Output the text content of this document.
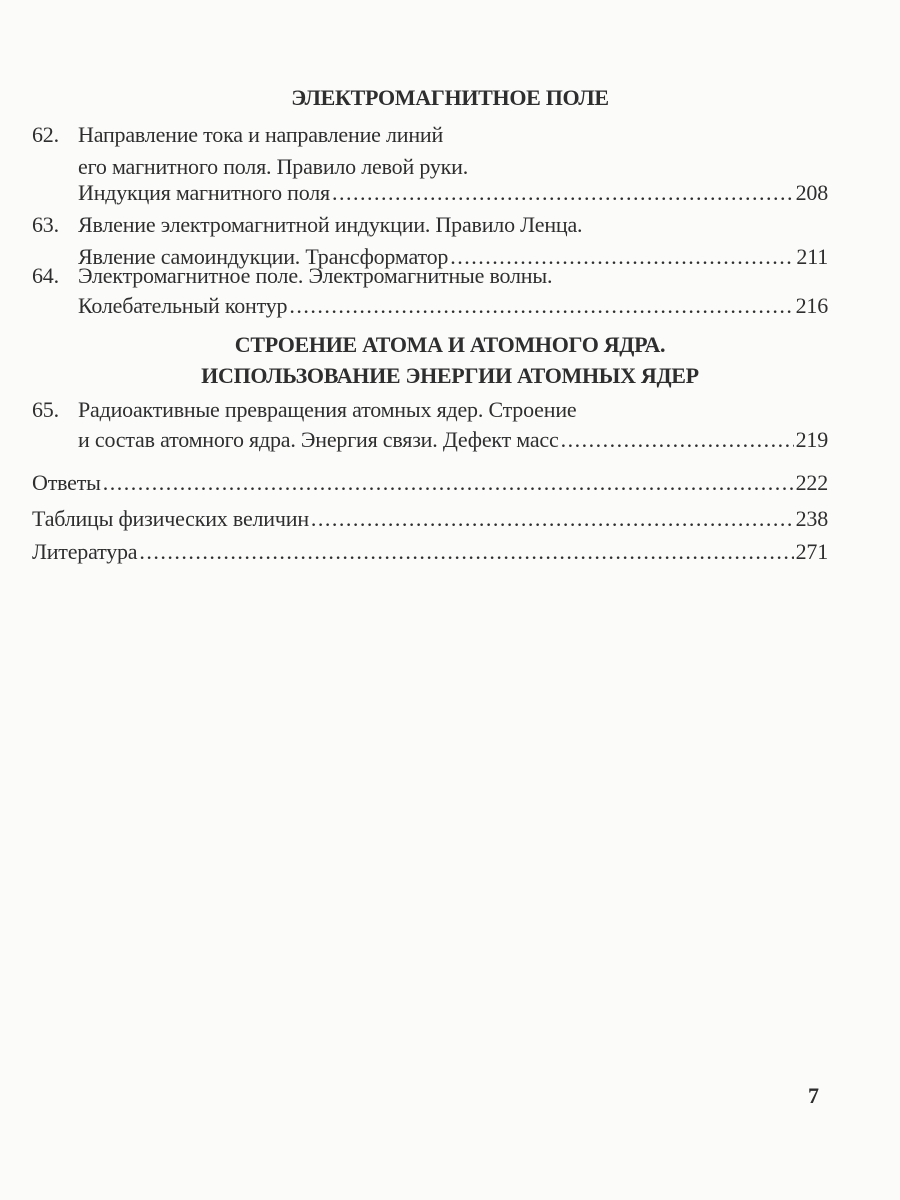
ЭЛЕКТРОМАГНИТНОЕ ПОЛЕ
62. Направление тока и направление линий
его магнитного поля. Правило левой руки.
Индукция магнитного поля .....	208
63. Явление электромагнитной индукции. Правило Ленца.
Явление самоиндукции. Трансформатор .....	211
64. Электромагнитное поле. Электромагнитные волны.
Колебательный контур .....	216
СТРОЕНИЕ АТОМА И АТОМНОГО ЯДРА.
ИСПОЛЬЗОВАНИЕ ЭНЕРГИИ АТОМНЫХ ЯДЕР
65. Радиоактивные превращения атомных ядер. Строение
и состав атомного ядра. Энергия связи. Дефект масс .....	219
Ответы .....	222
Таблицы физических величин .....	238
Литература .....	271
7
